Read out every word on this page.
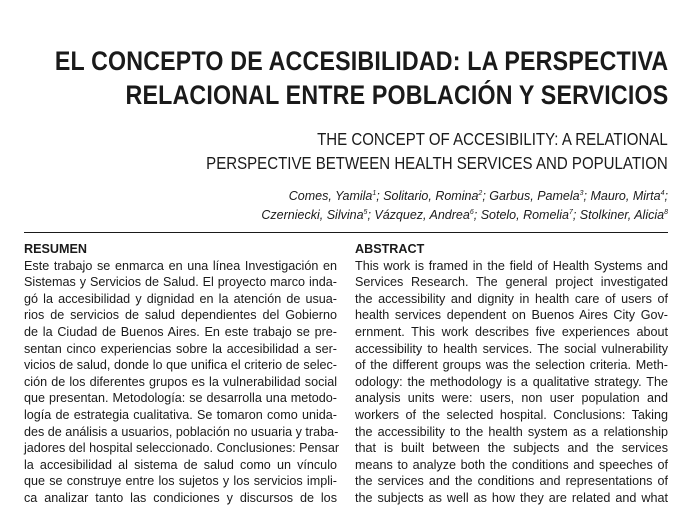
EL CONCEPTO DE ACCESIBILIDAD: LA PERSPECTIVA
RELACIONAL ENTRE POBLACIÓN Y SERVICIOS
THE CONCEPT OF ACCESIBILITY: A RELATIONAL
PERSPECTIVE BETWEEN HEALTH SERVICES AND POPULATION
Comes, Yamila$^1$; Solitario, Romina$^2$; Garbus, Pamela$^3$; Mauro, Mirta$^4$;
Czerniecki, Silvina$^5$; Vázquez, Andrea$^6$; Sotelo, Romelia$^7$; Stolkiner, Alicia$^8$
RESUMEN
Este trabajo se enmarca en una línea Investigación en
Sistemas y Servicios de Salud. El proyecto marco inda-
gó la accesibilidad y dignidad en la atención de usua-
rios de servicios de salud dependientes del Gobierno
de la Ciudad de Buenos Aires. En este trabajo se pre-
sentan cinco experiencias sobre la accesibilidad a ser-
vicios de salud, donde lo que unifica el criterio de selec-
ción de los diferentes grupos es la vulnerabilidad social
que presentan. Metodología: se desarrolla una metodo-
logía de estrategia cualitativa. Se tomaron como unida-
des de análisis a usuarios, población no usuaria y traba-
jadores del hospital seleccionado. Conclusiones: Pensar
la accesibilidad al sistema de salud como un vínculo
que se construye entre los sujetos y los servicios impli-
ca analizar tanto las condiciones y discursos de los
ABSTRACT
This work is framed in the field of Health Systems and
Services Research. The general project investigated
the accessibility and dignity in health care of users of
health services dependent on Buenos Aires City Gov-
ernment. This work describes five experiences about
accessibility to health services. The social vulnerability
of the different groups was the selection criteria. Meth-
odology: the methodology is a qualitative strategy. The
analysis units were: users, non user population and
workers of the selected hospital. Conclusions: Taking
the accessibility to the health system as a relationship
that is built between the subjects and the services
means to analyze both the conditions and speeches of
the services and the conditions and representations of
the subjects as well as how they are related and what
